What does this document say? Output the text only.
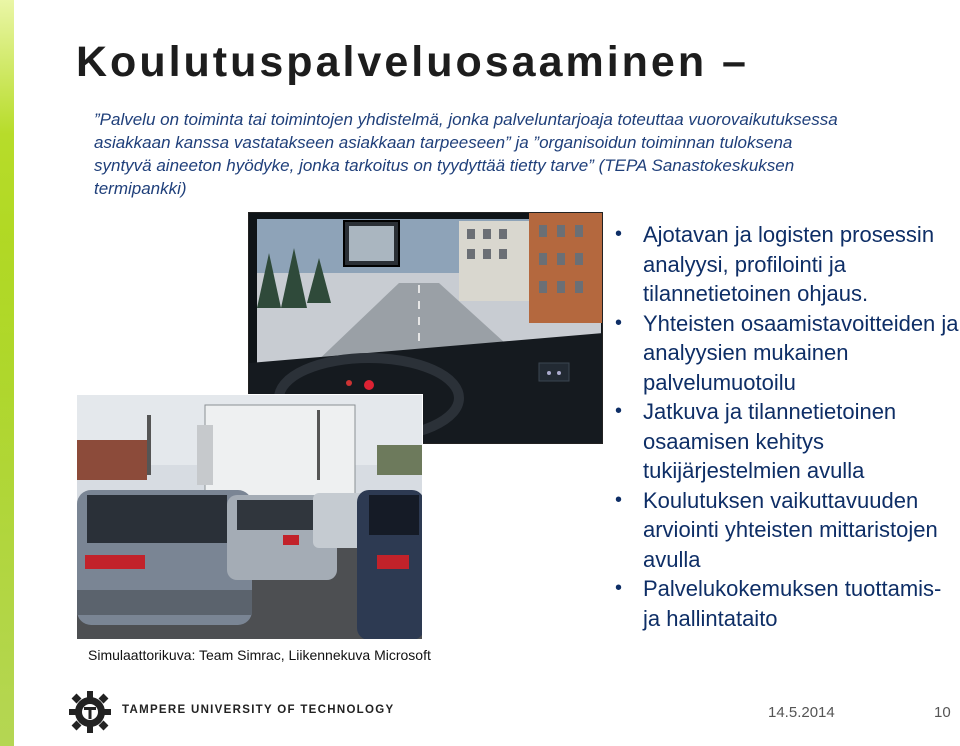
Koulutuspalveluosaaminen –
”Palvelu on toiminta tai toimintojen yhdistelmä, jonka palveluntarjoaja toteuttaa vuorovaikutuksessa asiakkaan kanssa vastatakseen asiakkaan tarpeeseen” ja ”organisoidun toiminnan tuloksena syntyvä aineeton hyödyke, jonka tarkoitus on tyydyttää tietty tarve” (TEPA Sanastokeskuksen termipankki)
Simulaattorikuva: Team Simrac, Liikennekuva Microsoft
• Ajotavan ja logisten prosessin analyysi, profilointi ja tilannetietoinen ohjaus.
• Yhteisten osaamistavoitteiden ja analyysien mukainen palvelumuotoilu
• Jatkuva ja tilannetietoinen osaamisen kehitys tukijärjestelmien avulla
• Koulutuksen vaikuttavuuden arviointi yhteisten mittaristojen avulla
• Palvelukokemuksen tuottamis- ja hallintataito
TAMPERE UNIVERSITY OF TECHNOLOGY	14.5.2014	10
